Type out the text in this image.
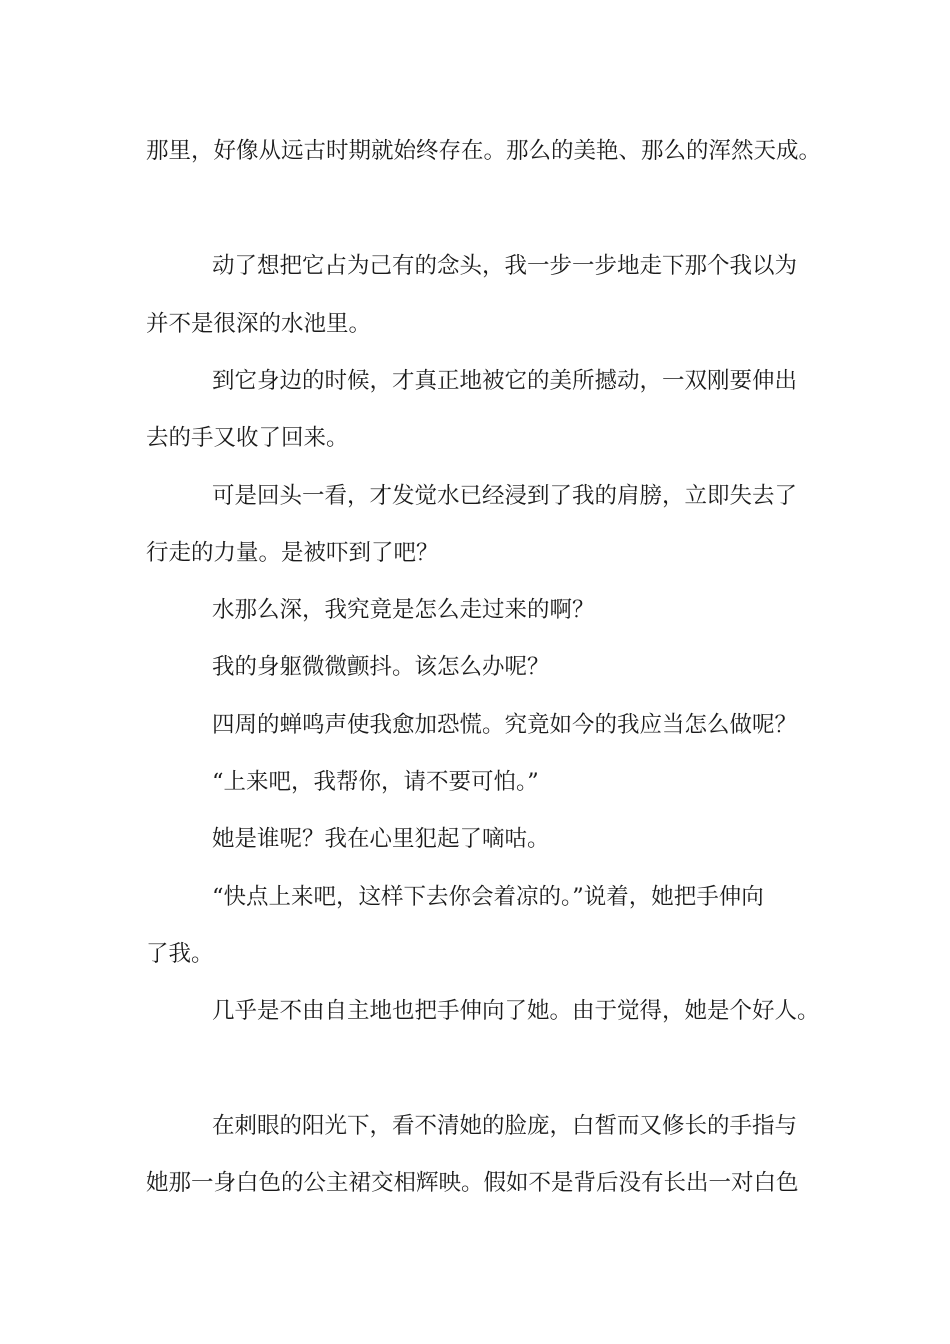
那里，好像从远古时期就始终存在。那么的美艳、那么的浑然天成。

动了想把它占为己有的念头，我一步一步地走下那个我以为

并不是很深的水池里。

到它身边的时候，才真正地被它的美所撼动，一双刚要伸出

去的手又收了回来。

可是回头一看，才发觉水已经浸到了我的肩膀，立即失去了

行走的力量。是被吓到了吧？

水那么深，我究竟是怎么走过来的啊？

我的身躯微微颤抖。该怎么办呢？

四周的蝉鸣声使我愈加恐慌。究竟如今的我应当怎么做呢？

“上来吧，我帮你，请不要可怕。”

她是谁呢？我在心里犯起了嘀咕。

“快点上来吧，这样下去你会着凉的。”说着，她把手伸向

了我。

几乎是不由自主地也把手伸向了她。由于觉得，她是个好人。

在刺眼的阳光下，看不清她的脸庞，白皙而又修长的手指与

她那一身白色的公主裙交相辉映。假如不是背后没有长出一对白色
